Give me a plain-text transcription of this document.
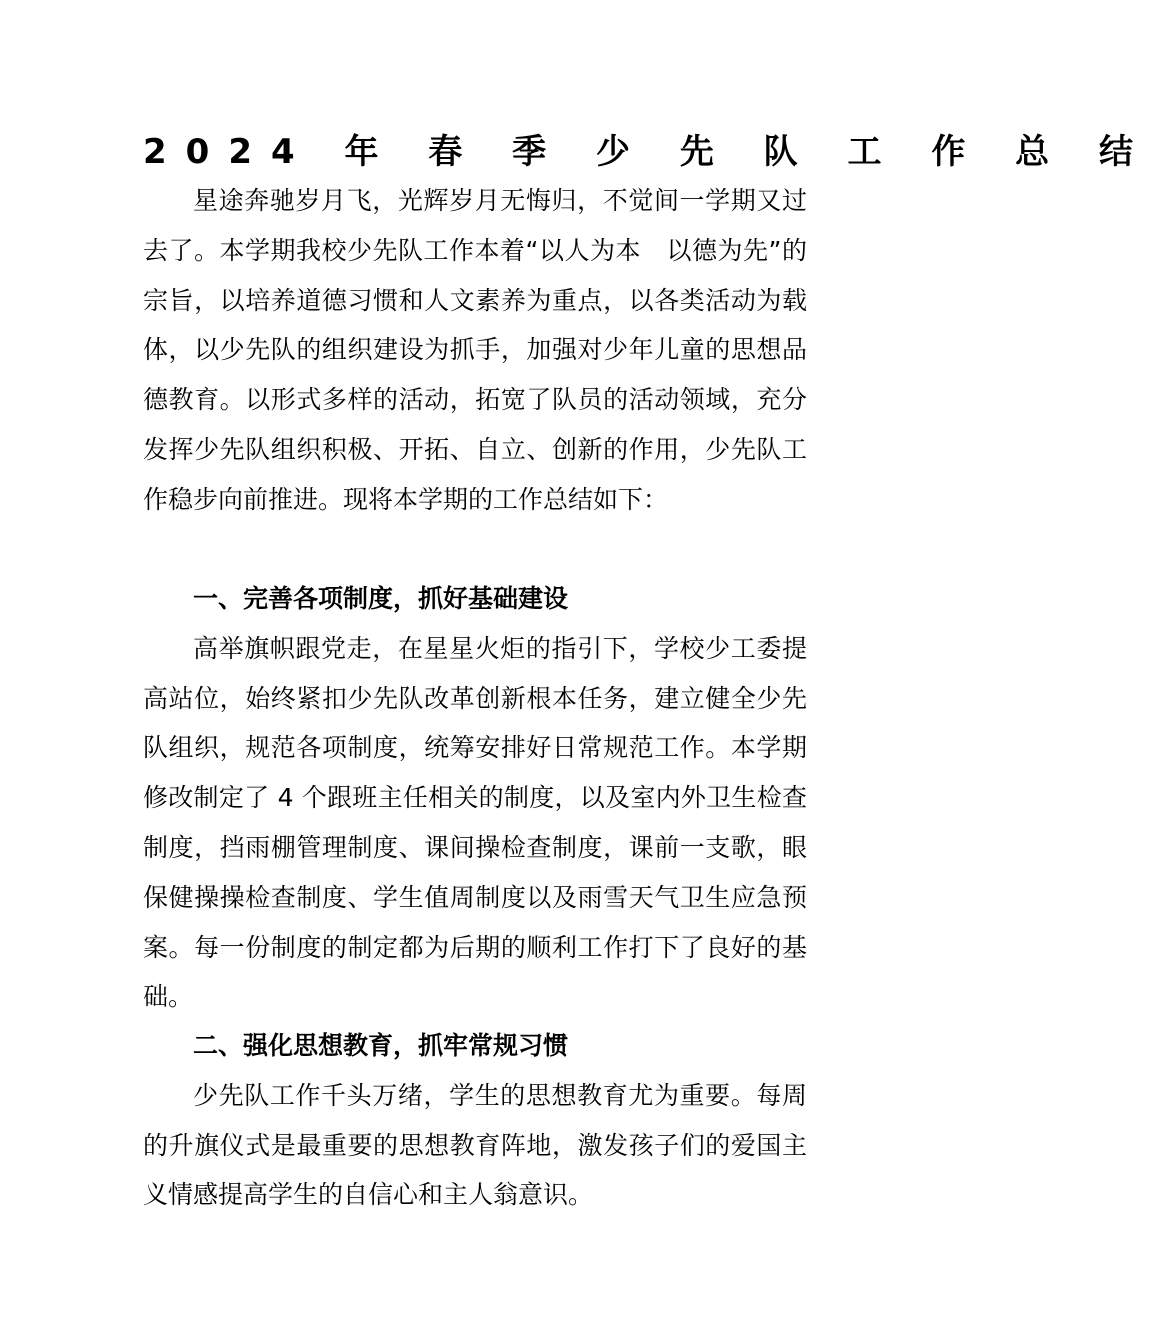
2024 年 春 季 少 先 队 工 作 总 结

星途奔驰岁月飞，光辉岁月无悔归，不觉间一学期又过去了。本学期我校少先队工作本着“以人为本　以德为先”的宗旨，以培养道德习惯和人文素养为重点，以各类活动为载体，以少先队的组织建设为抓手，加强对少年儿童的思想品德教育。以形式多样的活动，拓宽了队员的活动领域，充分发挥少先队组织积极、开拓、自立、创新的作用，少先队工作稳步向前推进。现将本学期的工作总结如下：

一、完善各项制度，抓好基础建设

高举旗帜跟党走，在星星火炬的指引下，学校少工委提高站位，始终紧扣少先队改革创新根本任务，建立健全少先队组织，规范各项制度，统筹安排好日常规范工作。本学期修改制定了 4 个跟班主任相关的制度，以及室内外卫生检查制度，挡雨棚管理制度、课间操检查制度，课前一支歌，眼保健操操检查制度、学生值周制度以及雨雪天气卫生应急预案。每一份制度的制定都为后期的顺利工作打下了良好的基础。

二、强化思想教育，抓牢常规习惯

少先队工作千头万绪，学生的思想教育尤为重要。每周的升旗仪式是最重要的思想教育阵地，激发孩子们的爱国主义情感提高学生的自信心和主人翁意识。
